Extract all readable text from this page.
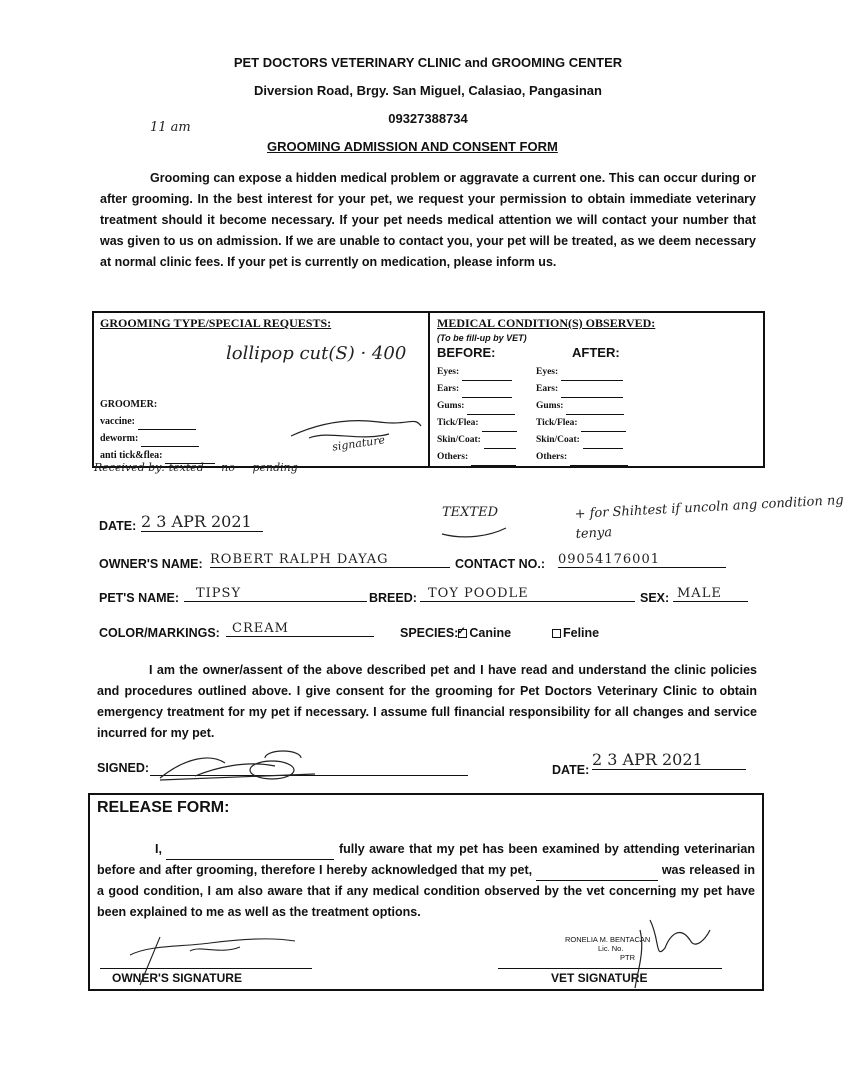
PET DOCTORS VETERINARY CLINIC and GROOMING CENTER
Diversion Road, Brgy. San Miguel, Calasiao, Pangasinan
09327388734
11 am
GROOMING ADMISSION AND CONSENT FORM
Grooming can expose a hidden medical problem or aggravate a current one. This can occur during or after grooming. In the best interest for your pet, we request your permission to obtain immediate veterinary treatment should it become necessary. If your pet needs medical attention we will contact your number that was given to us on admission. If we are unable to contact you, your pet will be treated, as we deem necessary at normal clinic fees. If your pet is currently on medication, please inform us.
GROOMING TYPE/SPECIAL REQUESTS:
lollipop cut(S) · 400
GROOMER:
vaccine:
deworm:
anti tick&flea:
Received by: texted     no     pending
signature
MEDICAL CONDITION(S) OBSERVED:
(To be fill-up by VET)
BEFORE:	AFTER:
Eyes:	Eyes:
Ears:	Ears:
Gums:	Gums:
Tick/Flea:	Tick/Flea:
Skin/Coat:	Skin/Coat:
Others:	Others:
DATE: 2 3 APR 2021	TEXTED	+ for Shihtest if uncoln ang condition ng tenya
OWNER'S NAME: ROBERT RALPH DAYAG	CONTACT NO.: 09054176001
PET'S NAME:	TIPSY	BREED: TOY POODLE	SEX: MALE
COLOR/MARKINGS: CREAM	SPECIES: ✓ Canine	Feline
I am the owner/assent of the above described pet and I have read and understand the clinic policies and procedures outlined above. I give consent for the grooming for Pet Doctors Veterinary Clinic to obtain emergency treatment for my pet if necessary. I assume full financial responsibility for all changes and service incurred for my pet.
SIGNED:	DATE:
2 3 APR 2021
RELEASE FORM:
I,	fully aware that my pet has been examined by attending veterinarian before and after grooming, therefore I hereby acknowledged that my pet,	was released in a good condition, I am also aware that if any medical condition observed by the vet concerning my pet have been explained to me as well as the treatment options.
OWNER'S SIGNATURE	VET SIGNATURE
RONELIA M. BENTACAN
Lic. No.
PTR
